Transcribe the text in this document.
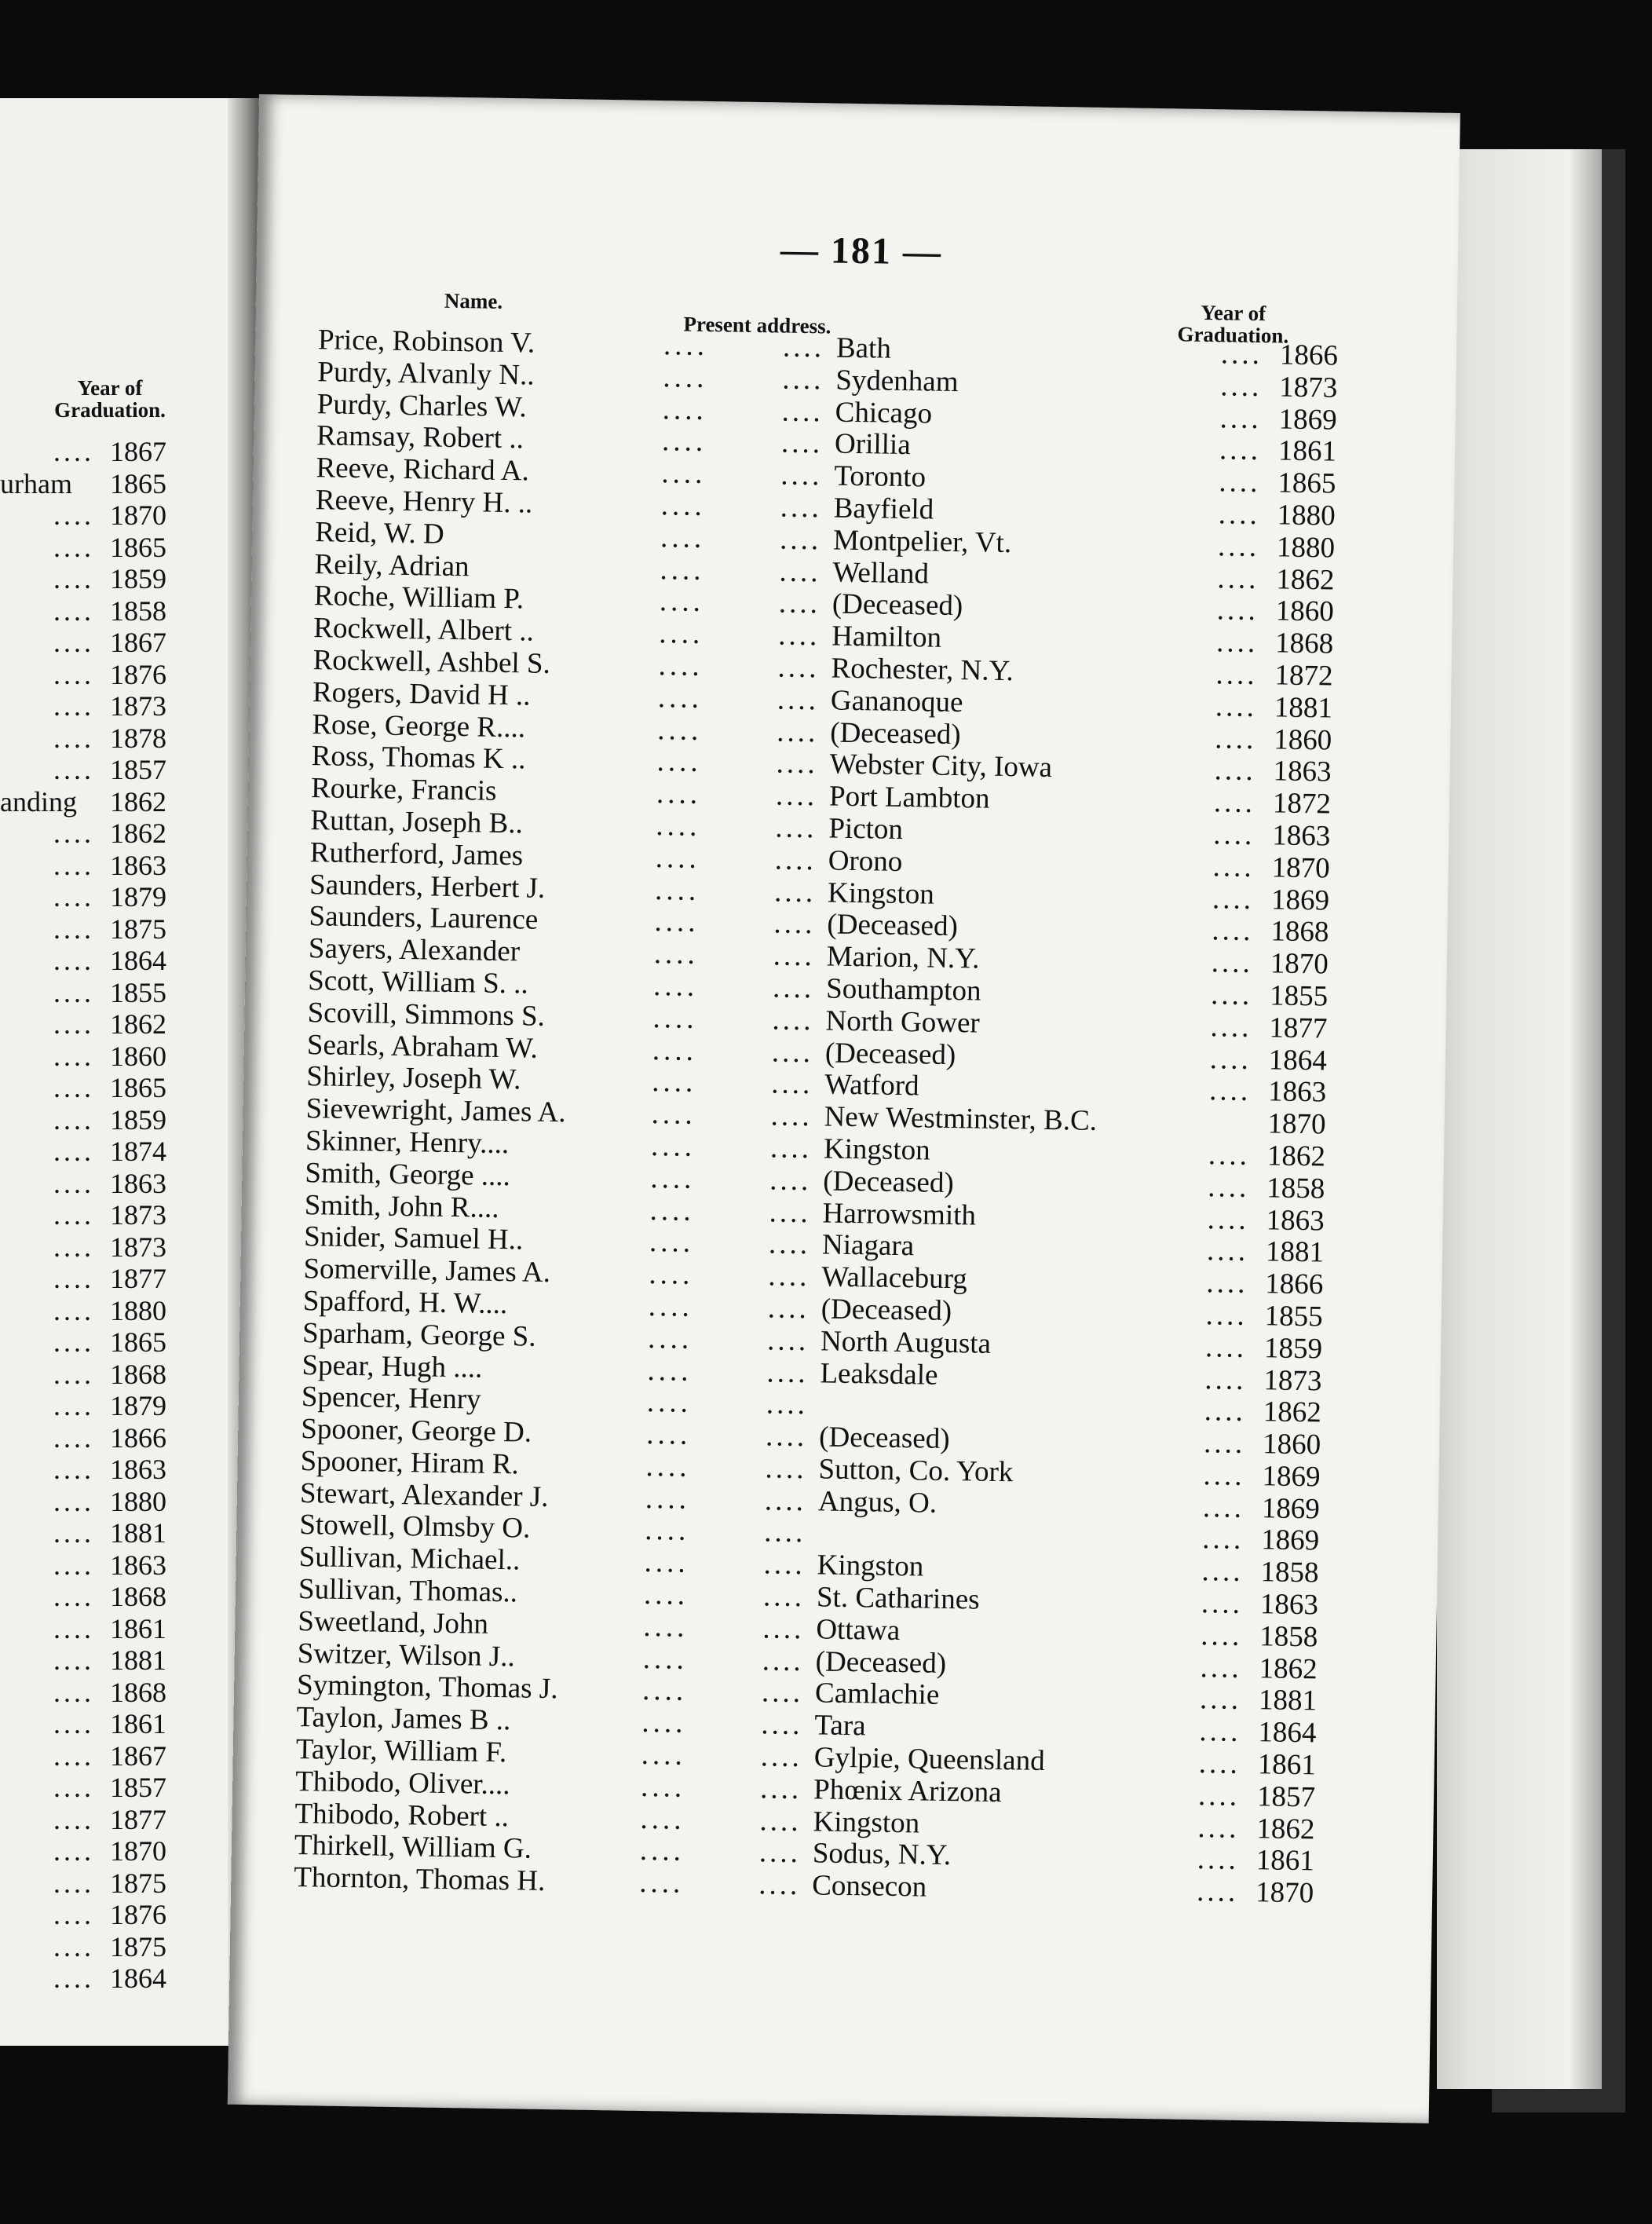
Year of Graduation.
.... 1867
urham 1865
.... 1870
.... 1865
.... 1859
.... 1858
.... 1867
.... 1876
.... 1873
.... 1878
.... 1857
anding 1862
.... 1862
.... 1863
.... 1879
.... 1875
.... 1864
.... 1855
.... 1862
.... 1860
.... 1865
.... 1859
.... 1874
.... 1863
.... 1873
.... 1873
.... 1877
.... 1880
.... 1865
.... 1868
.... 1879
.... 1866
.... 1863
.... 1880
.... 1881
.... 1863
.... 1868
.... 1861
.... 1881
.... 1868
.... 1861
.... 1867
.... 1857
.... 1877
.... 1870
.... 1875
.... 1876
.... 1875
.... 1864
— 181 —
Name.
Present address.	Year of Graduation.
Price, Robinson V.	....	.... Bath	.... 1866
Purdy, Alvanly N..	....	.... Sydenham	.... 1873
Purdy, Charles W.	....	.... Chicago	.... 1869
Ramsay, Robert ..	....	.... Orillia	.... 1861
Reeve, Richard A.	....	.... Toronto	.... 1865
Reeve, Henry H. ..	....	.... Bayfield	.... 1880
Reid, W. D	....	.... Montpelier, Vt.	.... 1880
Reily, Adrian	....	.... Welland	.... 1862
Roche, William P.	....	.... (Deceased)	.... 1860
Rockwell, Albert ..	....	.... Hamilton	.... 1868
Rockwell, Ashbel S.	....	.... Rochester, N.Y.	.... 1872
Rogers, David H ..	....	.... Gananoque	.... 1881
Rose, George R....	....	.... (Deceased)	.... 1860
Ross, Thomas K ..	....	.... Webster City, Iowa	.... 1863
Rourke, Francis	....	.... Port Lambton	.... 1872
Ruttan, Joseph B..	....	.... Picton	.... 1863
Rutherford, James	....	.... Orono	.... 1870
Saunders, Herbert J.	....	.... Kingston	.... 1869
Saunders, Laurence	....	.... (Deceased)	.... 1868
Sayers, Alexander	....	.... Marion, N.Y.	.... 1870
Scott, William S. ..	....	.... Southampton	.... 1855
Scovill, Simmons S.	....	.... North Gower	.... 1877
Searls, Abraham W.	....	.... (Deceased)	.... 1864
Shirley, Joseph W.	....	.... Watford	.... 1863
Sievewright, James A.	....	.... New Westminster, B.C.	1870
Skinner, Henry....	....	.... Kingston	.... 1862
Smith, George ....	....	.... (Deceased)	.... 1858
Smith, John R....	....	.... Harrowsmith	.... 1863
Snider, Samuel H..	....	.... Niagara	.... 1881
Somerville, James A.	....	.... Wallaceburg	.... 1866
Spafford, H. W....	....	.... (Deceased)	.... 1855
Sparham, George S.	....	.... North Augusta	.... 1859
Spear, Hugh ....	....	.... Leaksdale	.... 1873
Spencer, Henry	....	....	.... 1862
Spooner, George D.	....	.... (Deceased)	.... 1860
Spooner, Hiram R.	....	.... Sutton, Co. York	.... 1869
Stewart, Alexander J.	....	.... Angus, O.	.... 1869
Stowell, Olmsby O.	....	....	.... 1869
Sullivan, Michael..	....	.... Kingston	.... 1858
Sullivan, Thomas..	....	.... St. Catharines	.... 1863
Sweetland, John	....	.... Ottawa	.... 1858
Switzer, Wilson J..	....	.... (Deceased)	.... 1862
Symington, Thomas J.	....	.... Camlachie	.... 1881
Taylon, James B ..	....	.... Tara	.... 1864
Taylor, William F.	....	.... Gylpie, Queensland	.... 1861
Thibodo, Oliver....	....	.... Phœnix Arizona	.... 1857
Thibodo, Robert ..	....	.... Kingston	.... 1862
Thirkell, William G.	....	.... Sodus, N.Y.	.... 1861
Thornton, Thomas H.	....	.... Consecon	.... 1870
